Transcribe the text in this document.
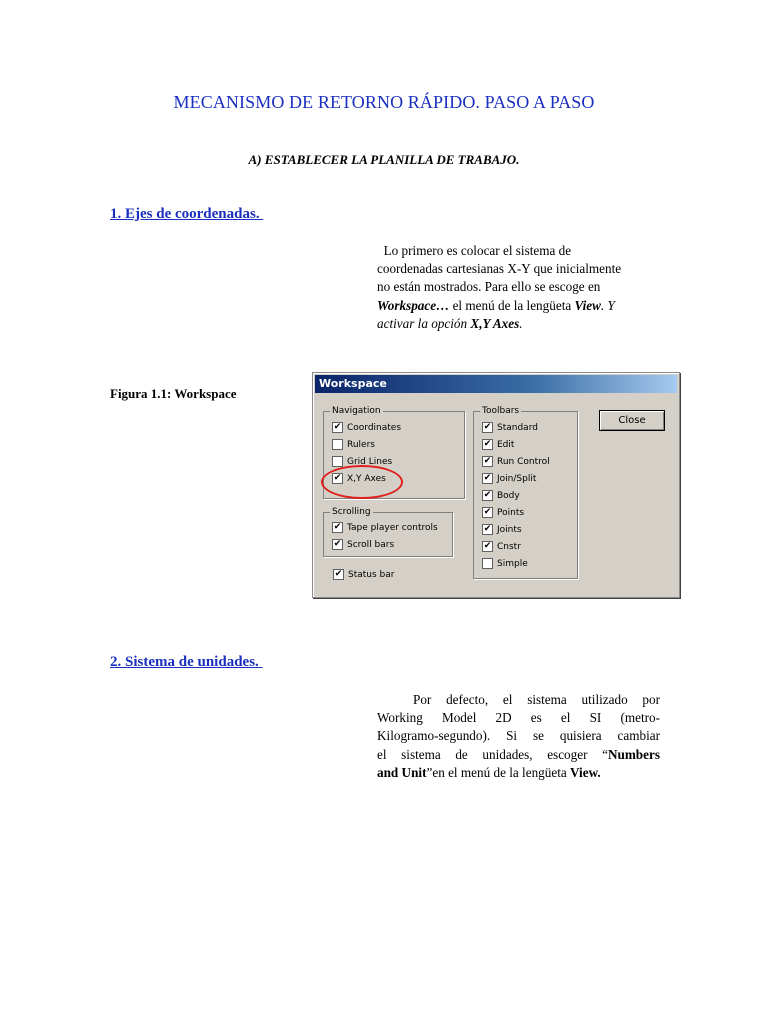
MECANISMO DE RETORNO RÁPIDO. PASO A PASO
A) ESTABLECER LA PLANILLA DE TRABAJO.
1. Ejes de coordenadas.
Lo primero es colocar el sistema de
coordenadas cartesianas X-Y que inicialmente
no están mostrados. Para ello se escoge en
Workspace… el menú de la lengüeta View. Y
activar la opción X,Y Axes.
Figura 1.1: Workspace
Workspace
Navigation
✔ Coordinates
Rulers
Grid Lines
✔ X,Y Axes
Scrolling
✔ Tape player controls
✔ Scroll bars
✔ Status bar
Toolbars
✔ Standard
✔ Edit
✔ Run Control
✔ Join/Split
✔ Body
✔ Points
✔ Joints
✔ Cnstr
Simple
Close
2. Sistema de unidades.
Por defecto, el sistema utilizado por
Working Model 2D es el SI (metro-
Kilogramo-segundo). Si se quisiera cambiar
el sistema de unidades, escoger “Numbers
and Unit”en el menú de la lengüeta View.
